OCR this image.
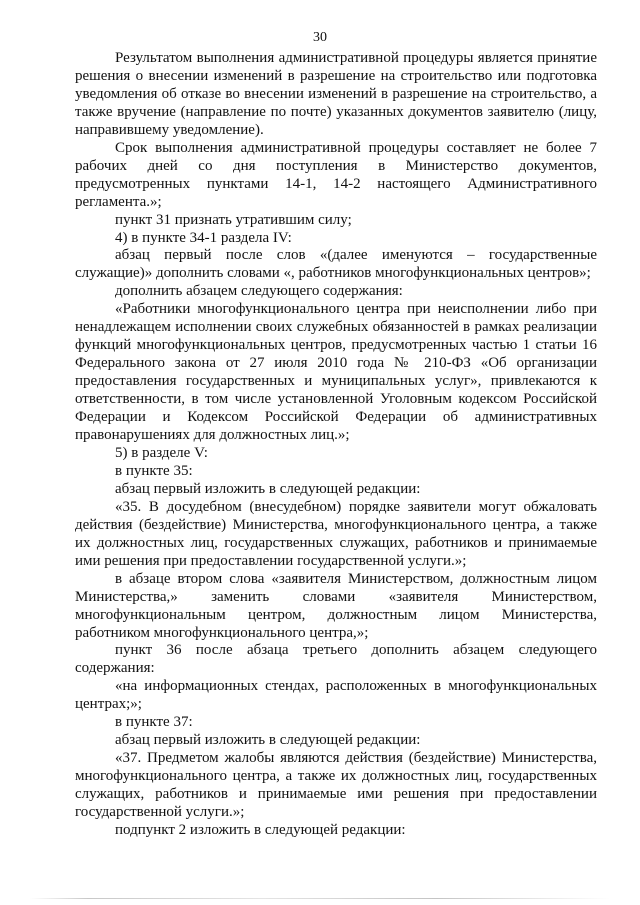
30

Результатом выполнения административной процедуры является принятие решения о внесении изменений в разрешение на строительство или подготовка уведомления об отказе во внесении изменений в разрешение на строительство, а также вручение (направление по почте) указанных документов заявителю (лицу, направившему уведомление).

Срок выполнения административной процедуры составляет не более 7 рабочих дней со дня поступления в Министерство документов, предусмотренных пунктами 14-1, 14-2 настоящего Административного регламента.»;

пункт 31 признать утратившим силу;

4) в пункте 34-1 раздела IV:

абзац первый после слов «(далее именуются – государственные служащие)» дополнить словами «, работников многофункциональных центров»;

дополнить абзацем следующего содержания:

«Работники многофункционального центра при неисполнении либо при ненадлежащем исполнении своих служебных обязанностей в рамках реализации функций многофункциональных центров, предусмотренных частью 1 статьи 16 Федерального закона от 27 июля 2010 года № 210-ФЗ «Об организации предоставления государственных и муниципальных услуг», привлекаются к ответственности, в том числе установленной Уголовным кодексом Российской Федерации и Кодексом Российской Федерации об административных правонарушениях для должностных лиц.»;

5) в разделе V:

в пункте 35:

абзац первый изложить в следующей редакции:

«35. В досудебном (внесудебном) порядке заявители могут обжаловать действия (бездействие) Министерства, многофункционального центра, а также их должностных лиц, государственных служащих, работников и принимаемые ими решения при предоставлении государственной услуги.»;

в абзаце втором слова «заявителя Министерством, должностным лицом Министерства,» заменить словами «заявителя Министерством, многофункциональным центром, должностным лицом Министерства, работником многофункционального центра,»;

пункт 36 после абзаца третьего дополнить абзацем следующего содержания:

«на информационных стендах, расположенных в многофункциональных центрах;»;

в пункте 37:

абзац первый изложить в следующей редакции:

«37. Предметом жалобы являются действия (бездействие) Министерства, многофункционального центра, а также их должностных лиц, государственных служащих, работников и принимаемые ими решения при предоставлении государственной услуги.»;

подпункт 2 изложить в следующей редакции:
